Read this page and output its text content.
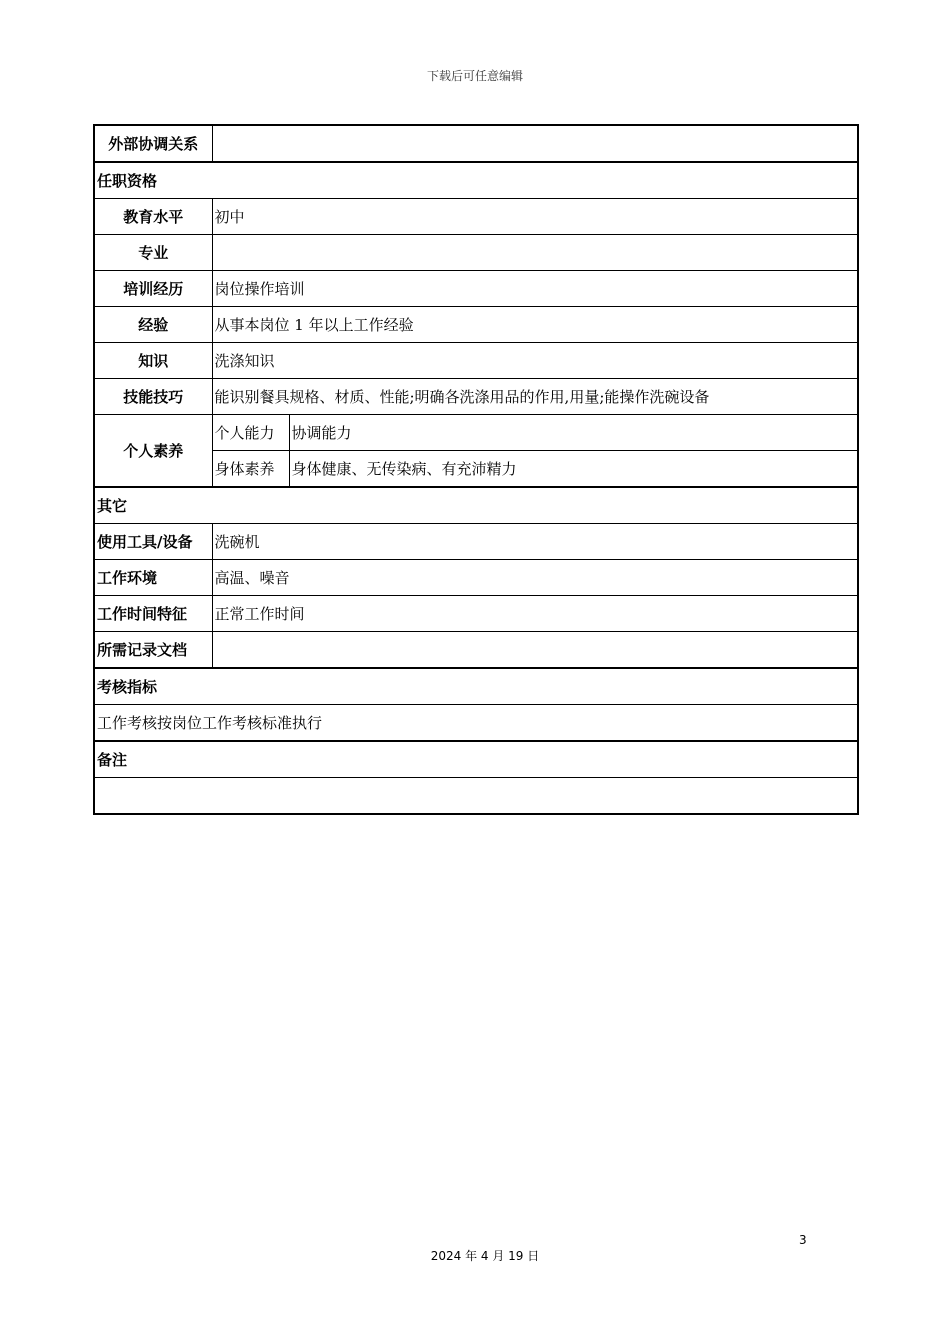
下载后可任意编辑
外部协调关系		
任职资格		
教育水平	初中	
专业		
培训经历	岗位操作培训	
经验	从事本岗位 1 年以上工作经验	
知识	洗涤知识	
技能技巧	能识别餐具规格、材质、性能;明确各洗涤用品的作用,用量;能操作洗碗设备	
个人素养	个人能力	协调能力
	身体素养	身体健康、无传染病、有充沛精力
其它		
使用工具/设备	洗碗机	
工作环境	高温、噪音	
工作时间特征	正常工作时间	
所需记录文档		
考核指标		
工作考核按岗位工作考核标准执行		
备注		

3
2024 年 4 月 19 日
